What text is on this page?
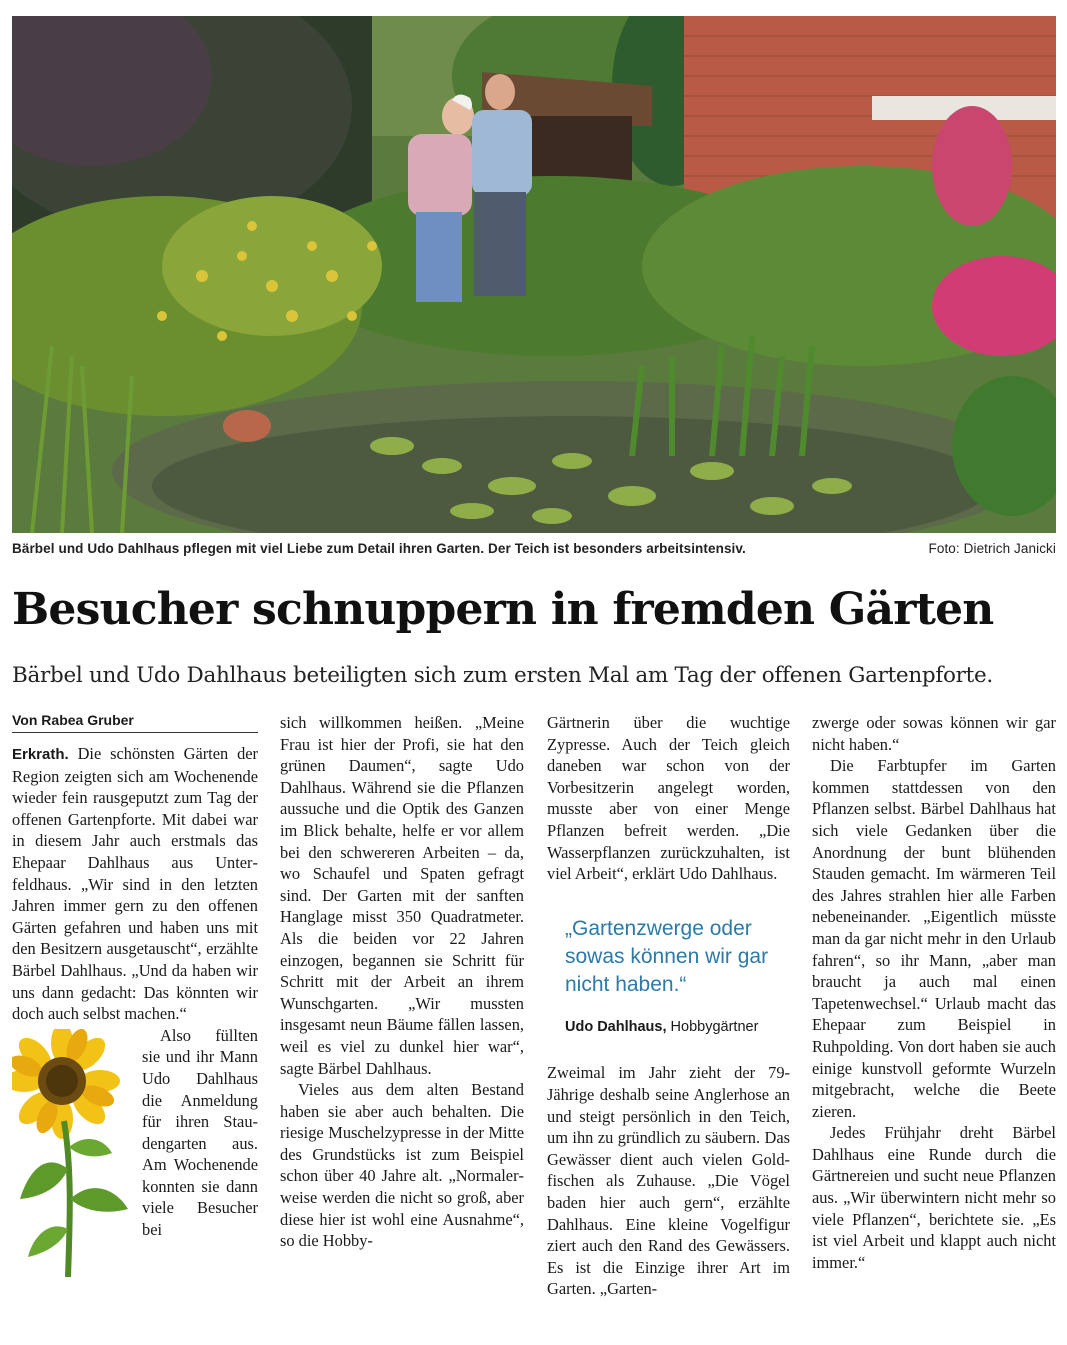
Bärbel und Udo Dahlhaus pflegen mit viel Liebe zum Detail ihren Garten. Der Teich ist besonders arbeitsintensiv.	Foto: Dietrich Janicki
Besucher schnuppern in fremden Gärten
Bärbel und Udo Dahlhaus beteiligten sich zum ersten Mal am Tag der offenen Gartenpforte.
Von Rabea Gruber

Erkrath. Die schönsten Gärten der Region zeigten sich am Wochenende wieder fein rausgeputzt zum Tag der offenen Gartenpforte. Mit dabei war in diesem Jahr auch erstmals das Ehepaar Dahlhaus aus Unterfeldhaus. „Wir sind in den letzten Jahren immer gern zu den offenen Gärten gefahren und haben uns mit den Besitzern ausgetauscht“, erzählte Bärbel Dahlhaus. „Und da haben wir uns dann gedacht: Das könnten wir doch auch selbst machen.“

Also füllten sie und ihr Mann Udo Dahlhaus die Anmeldung für ihren Staudengarten aus. Am Wochenende konnten sie dann viele Besucher bei

sich willkommen heißen. „Meine Frau ist hier der Profi, sie hat den grünen Daumen“, sagte Udo Dahlhaus. Während sie die Pflanzen aussuche und die Optik des Ganzen im Blick behalte, helfe er vor allem bei den schwereren Arbeiten – da, wo Schaufel und Spaten gefragt sind. Der Garten mit der sanften Hanglage misst 350 Quadratmeter. Als die beiden vor 22 Jahren einzogen, begannen sie Schritt für Schritt mit der Arbeit an ihrem Wunschgarten. „Wir mussten insgesamt neun Bäume fällen lassen, weil es viel zu dunkel hier war“, sagte Bärbel Dahlhaus.

Vieles aus dem alten Bestand haben sie aber auch behalten. Die riesige Muschelzypresse in der Mitte des Grundstücks ist zum Beispiel schon über 40 Jahre alt. „Normalerweise werden die nicht so groß, aber diese hier ist wohl eine Ausnahme“, so die Hobby-

Gärtnerin über die wuchtige Zypresse. Auch der Teich gleich daneben war schon von der Vorbesitzerin angelegt worden, musste aber von einer Menge Pflanzen befreit werden. „Die Wasserpflanzen zurückzuhalten, ist viel Arbeit“, erklärt Udo Dahlhaus.

„Gartenzwerge oder sowas können wir gar nicht haben.“
Udo Dahlhaus, Hobbygärtner

Zweimal im Jahr zieht der 79-Jährige deshalb seine Anglerhose an und steigt persönlich in den Teich, um ihn zu gründlich zu säubern. Das Gewässer dient auch vielen Goldfischen als Zuhause. „Die Vögel baden hier auch gern“, erzählte Dahlhaus. Eine kleine Vogelfigur ziert auch den Rand des Gewässers. Es ist die Einzige ihrer Art im Garten. „Garten-

zwerge oder sowas können wir gar nicht haben.“

Die Farbtupfer im Garten kommen stattdessen von den Pflanzen selbst. Bärbel Dahlhaus hat sich viele Gedanken über die Anordnung der bunt blühenden Stauden gemacht. Im wärmeren Teil des Jahres strahlen hier alle Farben nebeneinander. „Eigentlich müsste man da gar nicht mehr in den Urlaub fahren“, so ihr Mann, „aber man braucht ja auch mal einen Tapetenwechsel.“ Urlaub macht das Ehepaar zum Beispiel in Ruhpolding. Von dort haben sie auch einige kunstvoll geformte Wurzeln mitgebracht, welche die Beete zieren.

Jedes Frühjahr dreht Bärbel Dahlhaus eine Runde durch die Gärtnereien und sucht neue Pflanzen aus. „Wir überwintern nicht mehr so viele Pflanzen“, berichtete sie. „Es ist viel Arbeit und klappt auch nicht immer.“
